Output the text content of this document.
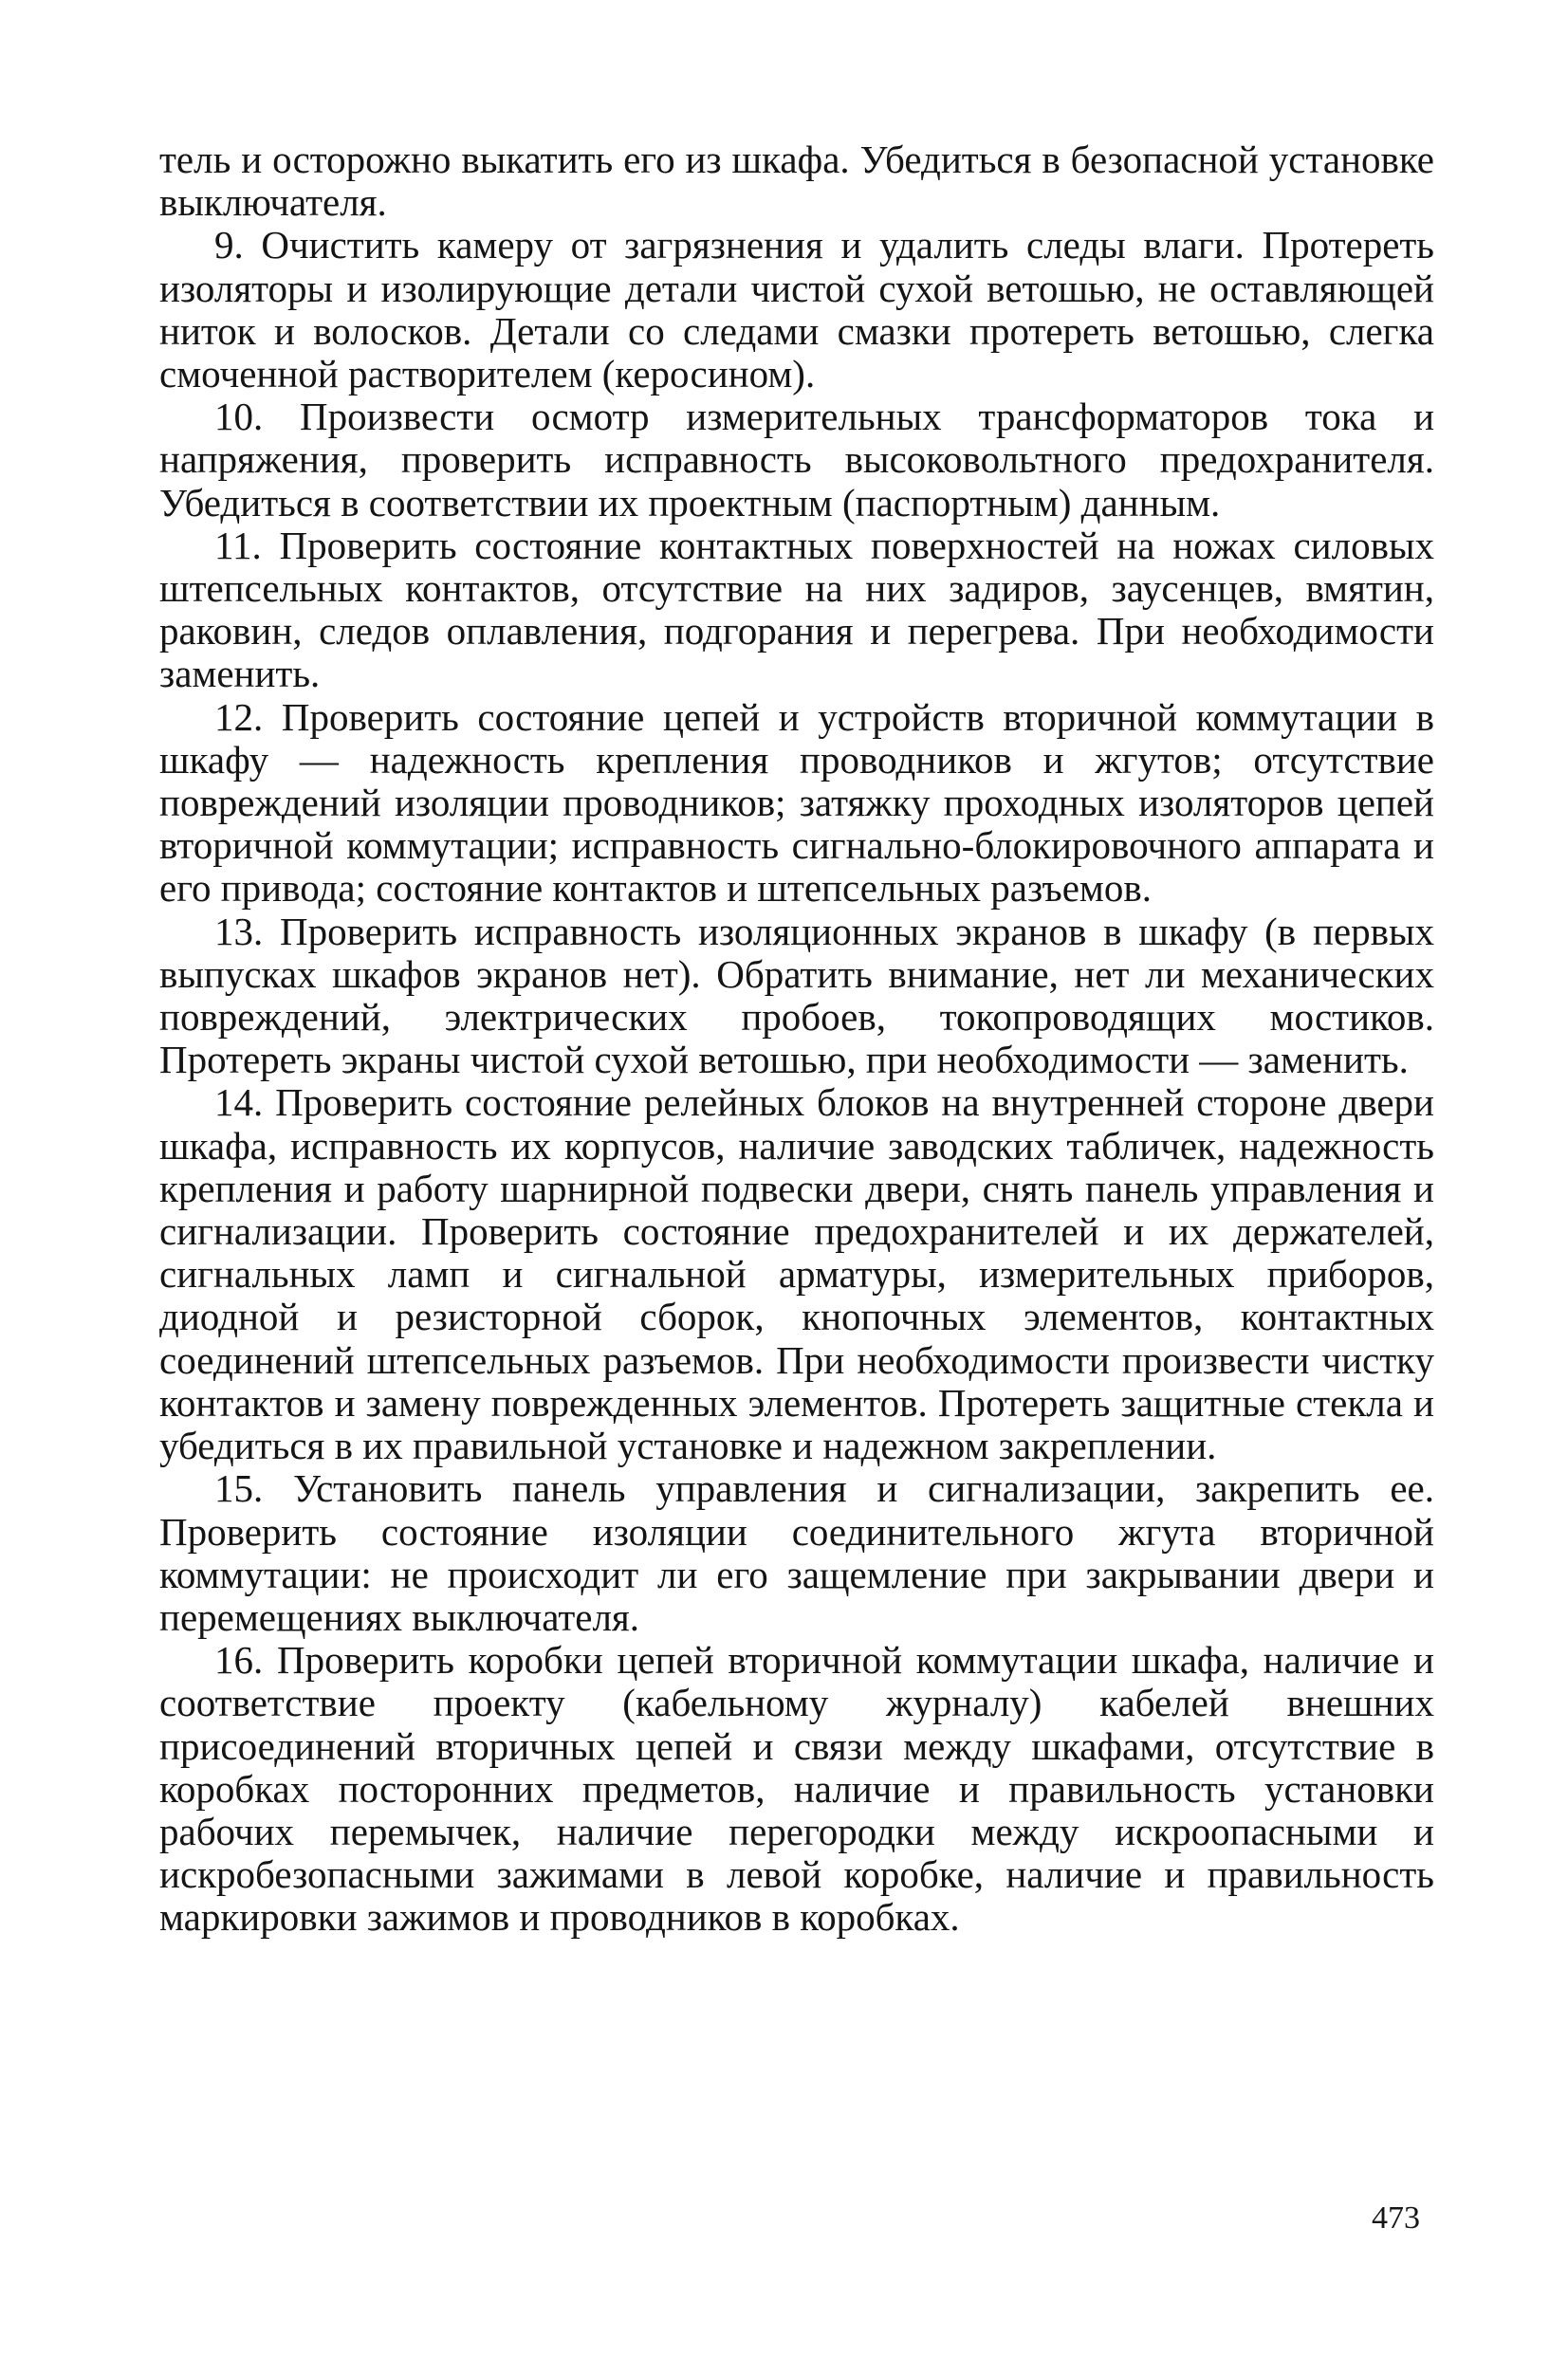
тель и осторожно выкатить его из шкафа. Убедиться в безопасной установке выключателя.

9. Очистить камеру от загрязнения и удалить следы влаги. Протереть изоляторы и изолирующие детали чистой сухой ветошью, не оставляющей ниток и волосков. Детали со следами смазки протереть ветошью, слегка смоченной растворителем (керосином).

10. Произвести осмотр измерительных трансформаторов тока и напряжения, проверить исправность высоковольтного предохранителя. Убедиться в соответствии их проектным (паспортным) данным.

11. Проверить состояние контактных поверхностей на ножах силовых штепсельных контактов, отсутствие на них задиров, заусенцев, вмятин, раковин, следов оплавления, подгорания и перегрева. При необходимости заменить.

12. Проверить состояние цепей и устройств вторичной коммутации в шкафу — надежность крепления проводников и жгутов; отсутствие повреждений изоляции проводников; затяжку проходных изоляторов цепей вторичной коммутации; исправность сигнально-блокировочного аппарата и его привода; состояние контактов и штепсельных разъемов.

13. Проверить исправность изоляционных экранов в шкафу (в первых выпусках шкафов экранов нет). Обратить внимание, нет ли механических повреждений, электрических пробоев, токопроводящих мостиков. Протереть экраны чистой сухой ветошью, при необходимости — заменить.

14. Проверить состояние релейных блоков на внутренней стороне двери шкафа, исправность их корпусов, наличие заводских табличек, надежность крепления и работу шарнирной подвески двери, снять панель управления и сигнализации. Проверить состояние предохранителей и их держателей, сигнальных ламп и сигнальной арматуры, измерительных приборов, диодной и резисторной сборок, кнопочных элементов, контактных соединений штепсельных разъемов. При необходимости произвести чистку контактов и замену поврежденных элементов. Протереть защитные стекла и убедиться в их правильной установке и надежном закреплении.

15. Установить панель управления и сигнализации, закрепить ее. Проверить состояние изоляции соединительного жгута вторичной коммутации: не происходит ли его защемление при закрывании двери и перемещениях выключателя.

16. Проверить коробки цепей вторичной коммутации шкафа, наличие и соответствие проекту (кабельному журналу) кабелей внешних присоединений вторичных цепей и связи между шкафами, отсутствие в коробках посторонних предметов, наличие и правильность установки рабочих перемычек, наличие перегородки между искроопасными и искробезопасными зажимами в левой коробке, наличие и правильность маркировки зажимов и проводников в коробках.

473
